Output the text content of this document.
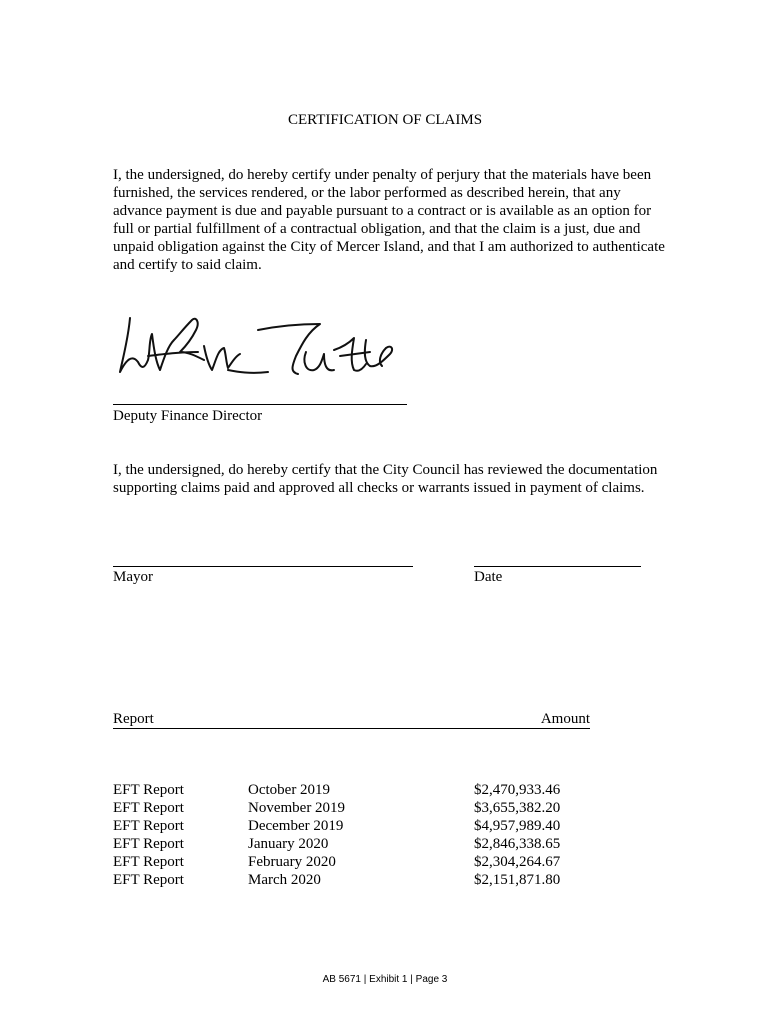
CERTIFICATION OF CLAIMS
I, the undersigned, do hereby certify under penalty of perjury that the materials have been furnished, the services rendered, or the labor performed as described herein, that any advance payment is due and payable pursuant to a contract or is available as an option for full or partial fulfillment of a contractual obligation, and that the claim is a just, due and unpaid obligation against the City of Mercer Island, and that I am authorized to authenticate and certify to said claim.
Deputy Finance Director
I, the undersigned, do hereby certify that the City Council has reviewed the documentation supporting claims paid and approved all checks or warrants issued in payment of claims.
Mayor	Date
Report	Amount
EFT Report	October 2019	$2,470,933.46
EFT Report	November 2019	$3,655,382.20
EFT Report	December 2019	$4,957,989.40
EFT Report	January 2020	$2,846,338.65
EFT Report	February 2020	$2,304,264.67
EFT Report	March 2020	$2,151,871.80
AB 5671 | Exhibit 1 | Page 3
